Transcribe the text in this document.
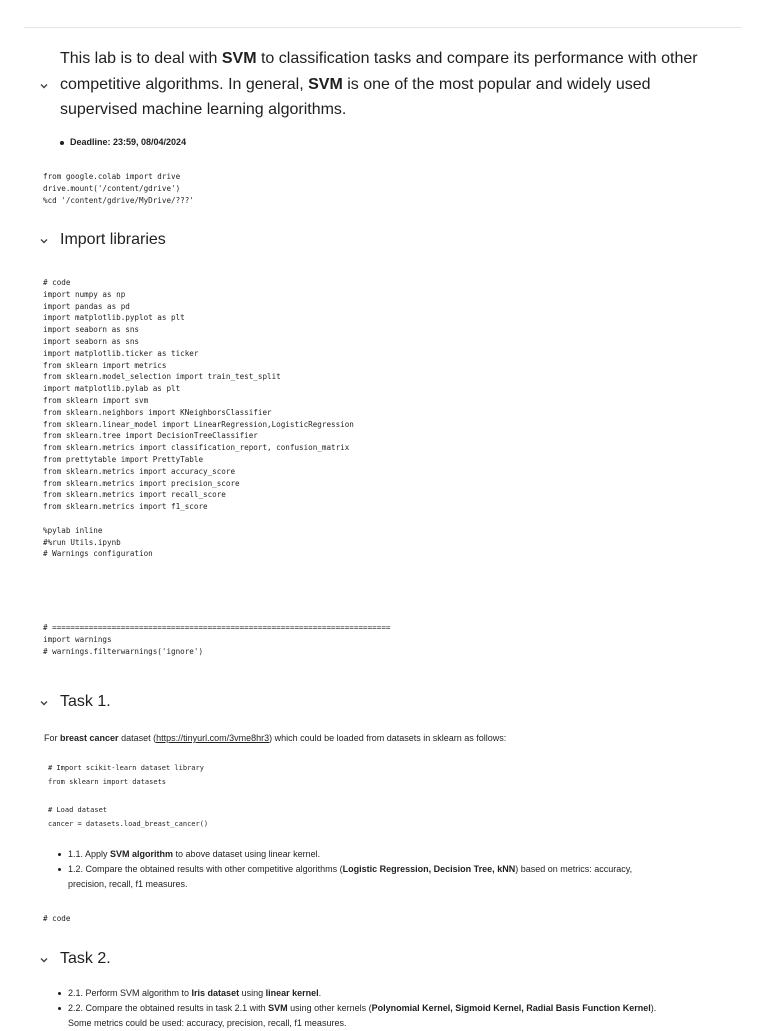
This lab is to deal with SVM to classification tasks and compare its performance with other competitive algorithms. In general, SVM is one of the most popular and widely used supervised machine learning algorithms.
Deadline: 23:59, 08/04/2024
from google.colab import drive
drive.mount('/content/gdrive')
%cd '/content/gdrive/MyDrive/???'
Import libraries
# code
import numpy as np
import pandas as pd
import matplotlib.pyplot as plt
import seaborn as sns
import seaborn as sns
import matplotlib.ticker as ticker
from sklearn import metrics
from sklearn.model_selection import train_test_split
import matplotlib.pylab as plt
from sklearn import svm
from sklearn.neighbors import KNeighborsClassifier
from sklearn.linear_model import LinearRegression,LogisticRegression
from sklearn.tree import DecisionTreeClassifier
from sklearn.metrics import classification_report, confusion_matrix
from prettytable import PrettyTable
from sklearn.metrics import accuracy_score
from sklearn.metrics import precision_score
from sklearn.metrics import recall_score
from sklearn.metrics import f1_score

%pylab inline
#%run Utils.ipynb
# Warnings configuration
# ==========================================================================
import warnings
# warnings.filterwarnings('ignore')
Task 1.
For breast cancer dataset (https://tinyurl.com/3vme8hr3) which could be loaded from datasets in sklearn as follows:
# Import scikit-learn dataset library
from sklearn import datasets

# Load dataset
cancer = datasets.load_breast_cancer()
1.1. Apply SVM algorithm to above dataset using linear kernel.
1.2. Compare the obtained results with other competitive algorithms (Logistic Regression, Decision Tree, kNN) based on metrics: accuracy, precision, recall, f1 measures.
# code
Task 2.
2.1. Perform SVM algorithm to Iris dataset using linear kernel.
2.2. Compare the obtained results in task 2.1 with SVM using other kernels (Polynomial Kernel, Sigmoid Kernel, Radial Basis Function Kernel). Some metrics could be used: accuracy, precision, recall, f1 measures.
